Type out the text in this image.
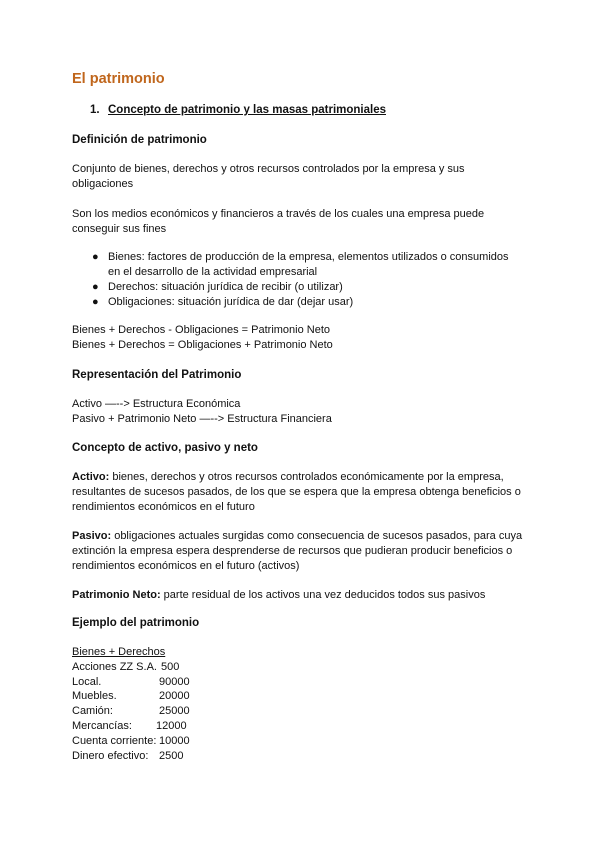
El patrimonio
1. Concepto de patrimonio y las masas patrimoniales
Definición de patrimonio
Conjunto de bienes, derechos y otros recursos controlados por la empresa y sus
obligaciones
Son los medios económicos y financieros a través de los cuales una empresa puede
conseguir sus fines
● Bienes: factores de producción de la empresa, elementos utilizados o consumidos
en el desarrollo de la actividad empresarial
● Derechos: situación jurídica de recibir (o utilizar)
● Obligaciones: situación jurídica de dar (dejar usar)
Bienes + Derechos - Obligaciones = Patrimonio Neto
Bienes + Derechos = Obligaciones + Patrimonio Neto
Representación del Patrimonio
Activo —--> Estructura Económica
Pasivo + Patrimonio Neto —--> Estructura Financiera
Concepto de activo, pasivo y neto
Activo: bienes, derechos y otros recursos controlados económicamente por la empresa,
resultantes de sucesos pasados, de los que se espera que la empresa obtenga beneficios o
rendimientos económicos en el futuro
Pasivo: obligaciones actuales surgidas como consecuencia de sucesos pasados, para cuya
extinción la empresa espera desprenderse de recursos que pudieran producir beneficios o
rendimientos económicos en el futuro (activos)
Patrimonio Neto: parte residual de los activos una vez deducidos todos sus pasivos
Ejemplo del patrimonio
Bienes + Derechos
Acciones ZZ S.A. 500
Local.	90000
Muebles.	20000
Camión:	25000
Mercancías: 12000
Cuenta corriente: 10000
Dinero efectivo: 2500
